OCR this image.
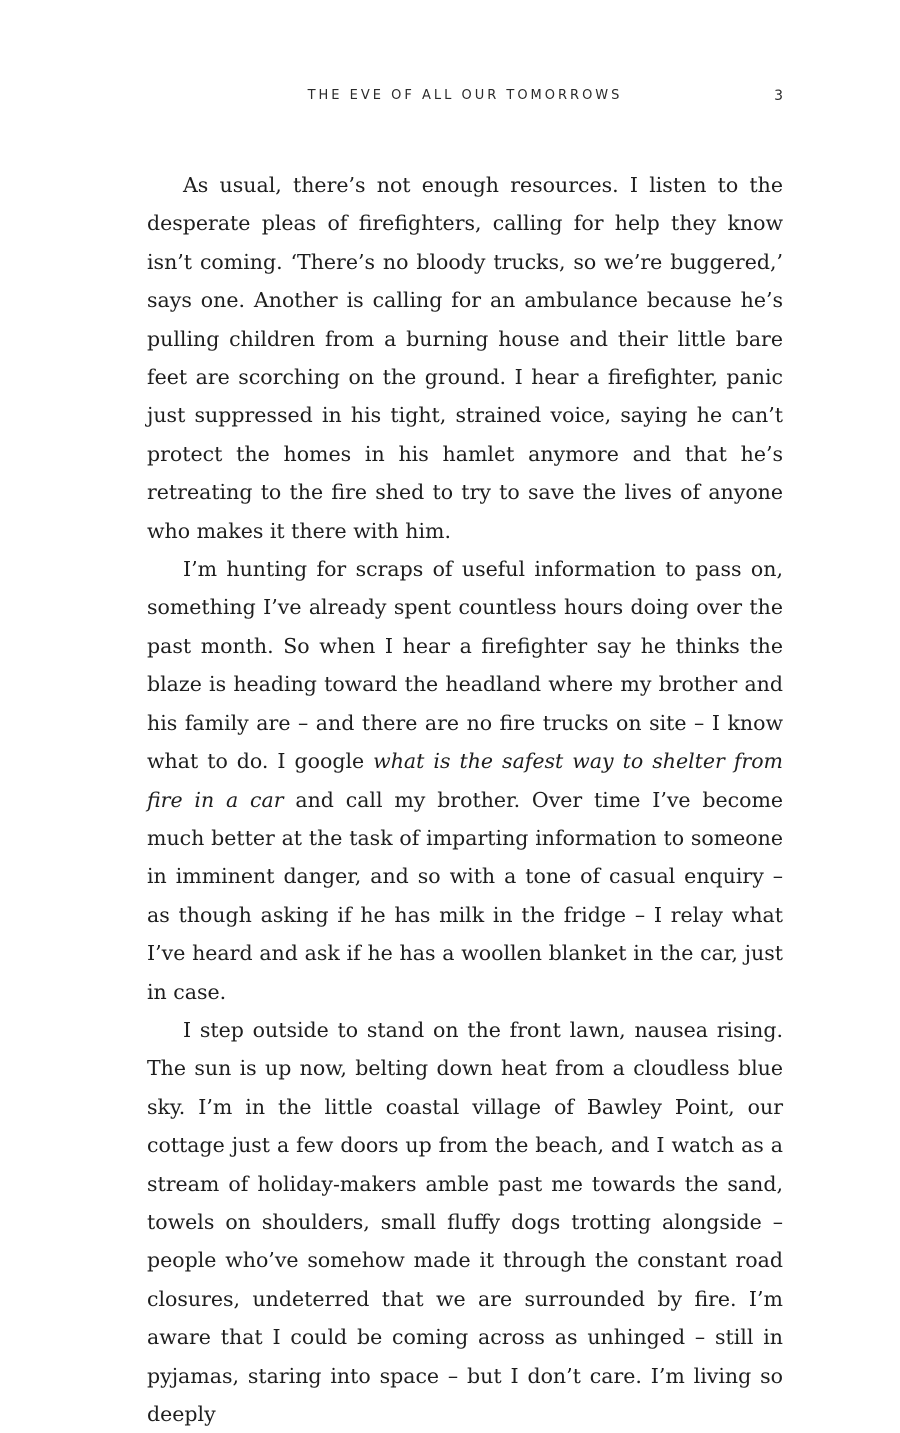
THE EVE OF ALL OUR TOMORROWS	3

As usual, there’s not enough resources. I listen to the desperate pleas of firefighters, calling for help they know isn’t coming. ‘There’s no bloody trucks, so we’re buggered,’ says one. Another is calling for an ambulance because he’s pulling children from a burning house and their little bare feet are scorching on the ground. I hear a firefighter, panic just suppressed in his tight, strained voice, saying he can’t protect the homes in his hamlet anymore and that he’s retreating to the fire shed to try to save the lives of anyone who makes it there with him.

I’m hunting for scraps of useful information to pass on, something I’ve already spent countless hours doing over the past month. So when I hear a firefighter say he thinks the blaze is heading toward the headland where my brother and his family are – and there are no fire trucks on site – I know what to do. I google what is the safest way to shelter from fire in a car and call my brother. Over time I’ve become much better at the task of imparting information to someone in imminent danger, and so with a tone of casual enquiry – as though asking if he has milk in the fridge – I relay what I’ve heard and ask if he has a woollen blanket in the car, just in case.

I step outside to stand on the front lawn, nausea rising. The sun is up now, belting down heat from a cloudless blue sky. I’m in the little coastal village of Bawley Point, our cottage just a few doors up from the beach, and I watch as a stream of holiday-makers amble past me towards the sand, towels on shoulders, small fluffy dogs trotting alongside – people who’ve somehow made it through the constant road closures, undeterred that we are surrounded by fire. I’m aware that I could be coming across as unhinged – still in pyjamas, staring into space – but I don’t care. I’m living so deeply
